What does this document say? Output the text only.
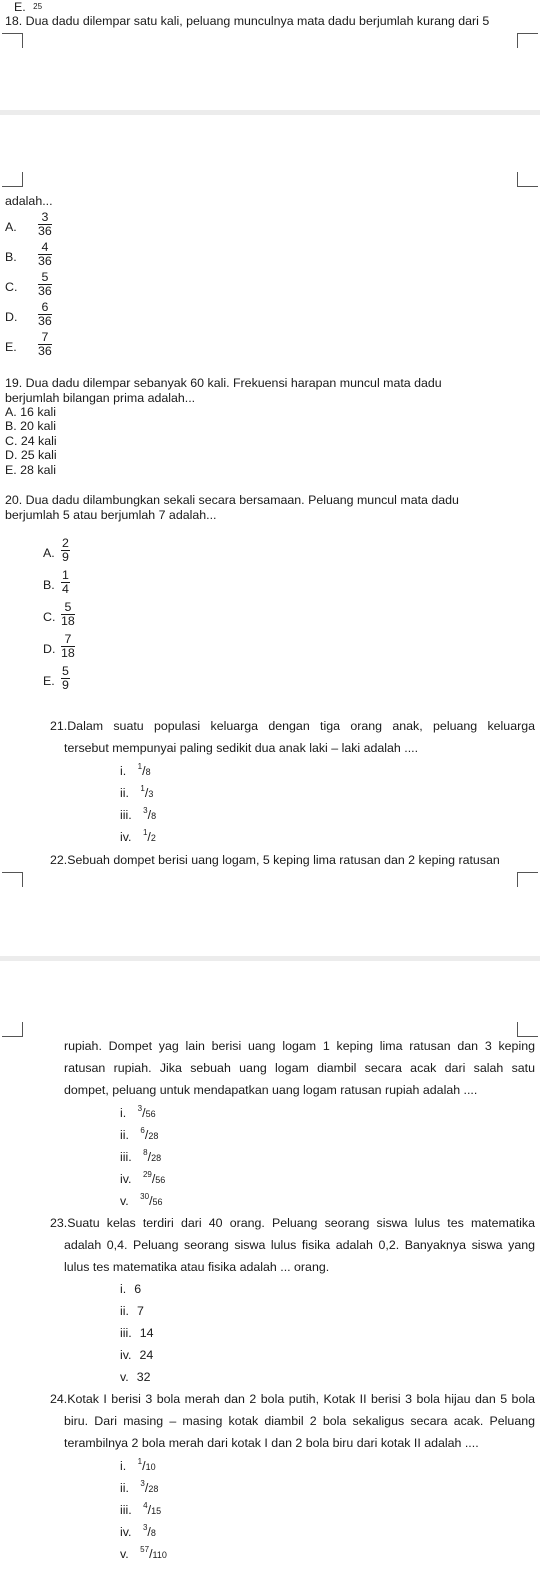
E. $^{25}$
18. Dua dadu dilempar satu kali, peluang munculnya mata dadu berjumlah kurang dari 5
adalah...
A. $\frac{3}{36}$
B. $\frac{4}{36}$
C. $\frac{5}{36}$
D. $\frac{6}{36}$
E. $\frac{7}{36}$
19. Dua dadu dilempar sebanyak 60 kali. Frekuensi harapan muncul mata dadu
berjumlah bilangan prima adalah...
A. 16 kali
B. 20 kali
C. 24 kali
D. 25 kali
E. 28 kali
20. Dua dadu dilambungkan sekali secara bersamaan. Peluang muncul mata dadu
berjumlah 5 atau berjumlah 7 adalah...
A. $\frac{2}{9}$
B. $\frac{1}{4}$
C. $\frac{5}{18}$
D. $\frac{7}{18}$
E. $\frac{5}{9}$
21.Dalam suatu populasi keluarga dengan tiga orang anak, peluang keluarga
tersebut mempunyai paling sedikit dua anak laki – laki adalah ....
i. $^1$/8
ii. $^1$/3
iii. $^3$/8
iv. $^1$/2
22.Sebuah dompet berisi uang logam, 5 keping lima ratusan dan 2 keping ratusan
rupiah. Dompet yag lain berisi uang logam 1 keping lima ratusan dan 3 keping
ratusan rupiah. Jika sebuah uang logam diambil secara acak dari salah satu
dompet, peluang untuk mendapatkan uang logam ratusan rupiah adalah ....
i. $^3$/56
ii. $^6$/28
iii. $^8$/28
iv. $^{29}$/56
v. $^{30}$/56
23.Suatu kelas terdiri dari 40 orang. Peluang seorang siswa lulus tes matematika
adalah 0,4. Peluang seorang siswa lulus fisika adalah 0,2. Banyaknya siswa yang
lulus tes matematika atau fisika adalah ... orang.
i. 6
ii. 7
iii. 14
iv. 24
v. 32
24.Kotak I berisi 3 bola merah dan 2 bola putih, Kotak II berisi 3 bola hijau dan 5 bola
biru. Dari masing – masing kotak diambil 2 bola sekaligus secara acak. Peluang
terambilnya 2 bola merah dari kotak I dan 2 bola biru dari kotak II adalah ....
i. $^1$/10
ii. $^3$/28
iii. $^4$/15
iv. $^3$/8
v. $^{57}$/110
